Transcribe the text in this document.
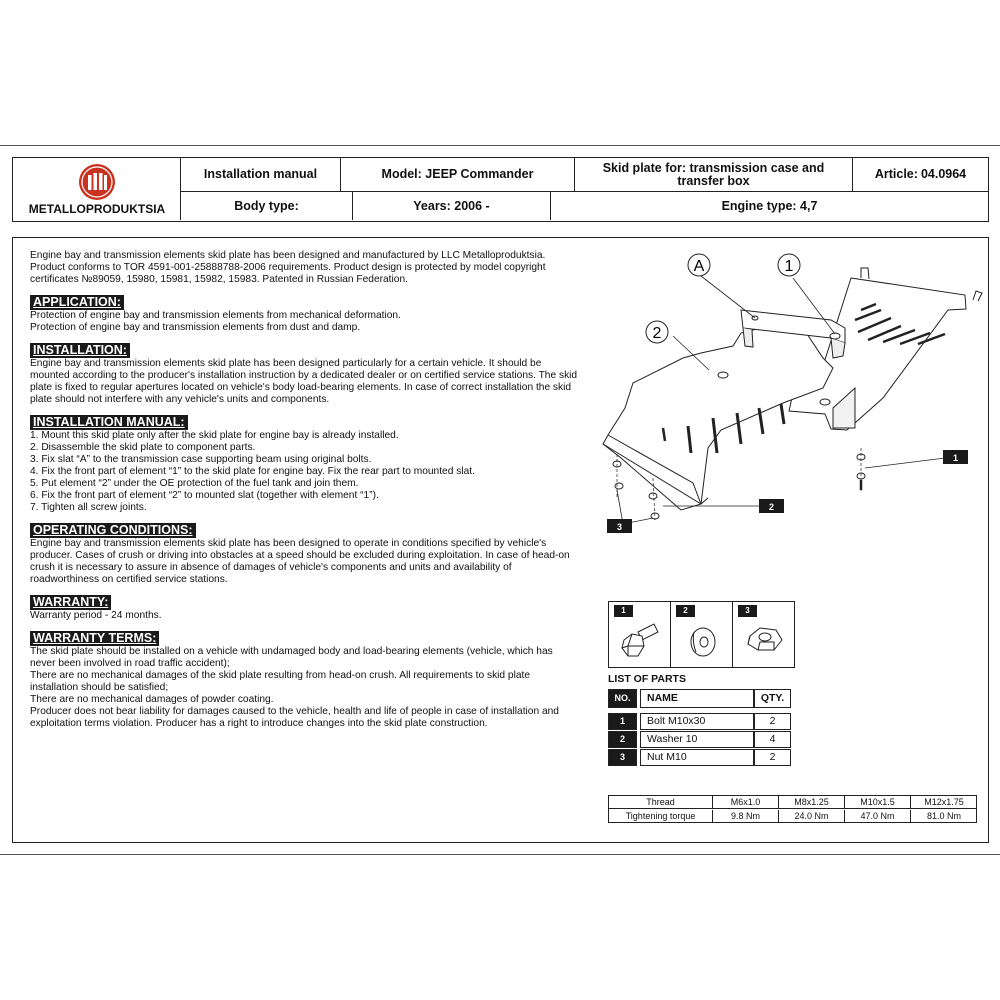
METALLOPRODUKTSIA
Installation manual	Model: JEEP Commander	Skid plate for: transmission case and transfer box	Article: 04.0964
Body type:	Years: 2006 -	Engine type: 4,7

Engine bay and transmission elements skid plate has been designed and manufactured by LLC Metalloproduktsia.
Product conforms to TOR 4591-001-25888788-2006 requirements. Product design is protected by model copyright
certificates №89059, 15980, 15981, 15982, 15983. Patented in Russian Federation.

APPLICATION:

Protection of engine bay and transmission elements from mechanical deformation.
Protection of engine bay and transmission elements from dust and damp.

INSTALLATION:

Engine bay and transmission elements skid plate has been designed particularly for a certain vehicle. It should be
mounted according to the producer's installation instruction by a dedicated dealer or on certified service stations. The skid
plate is fixed to regular apertures located on vehicle's body load-bearing elements. In case of correct installation the skid
plate should not interfere with any vehicle's units and components.

INSTALLATION MANUAL:

1. Mount this skid plate only after the skid plate for engine bay is already installed.
2. Disassemble the skid plate to component parts.
3. Fix slat “A” to the transmission case supporting beam using original bolts.
4. Fix the front part of element “1” to the skid plate for engine bay. Fix the rear part to mounted slat.
5. Put element “2” under the OE protection of the fuel tank and join them.
6. Fix the front part of element “2” to mounted slat (together with element “1”).
7. Tighten all screw joints.

OPERATING CONDITIONS:

Engine bay and transmission elements skid plate has been designed to operate in conditions specified by vehicle's
producer. Cases of crush or driving into obstacles at a speed should be excluded during exploitation. In case of head-on
crush it is necessary to assure in absence of damages of vehicle's components and units and availability of
roadworthiness on certified service stations.

WARRANTY:

Warranty period - 24 months.

WARRANTY TERMS:

The skid plate should be installed on a vehicle with undamaged body and load-bearing elements (vehicle, which has
never been involved in road traffic accident);
There are no mechanical damages of the skid plate resulting from head-on crush. All requirements to skid plate
installation should be satisfied;
There are no mechanical damages of powder coating.
Producer does not bear liability for damages caused to the vehicle, health and life of people in case of installation and
exploitation terms violation. Producer has a right to introduce changes into the skid plate construction.

A	1
2
1
2
3
1	2	3
LIST OF PARTS
NO.	NAME	QTY.
1	Bolt M10x30	2
2	Washer 10	4
3	Nut M10	2
Thread	M6x1.0	M8x1.25	M10x1.5	M12x1.75
Tightening torque	9.8 Nm	24.0 Nm	47.0 Nm	81.0 Nm
